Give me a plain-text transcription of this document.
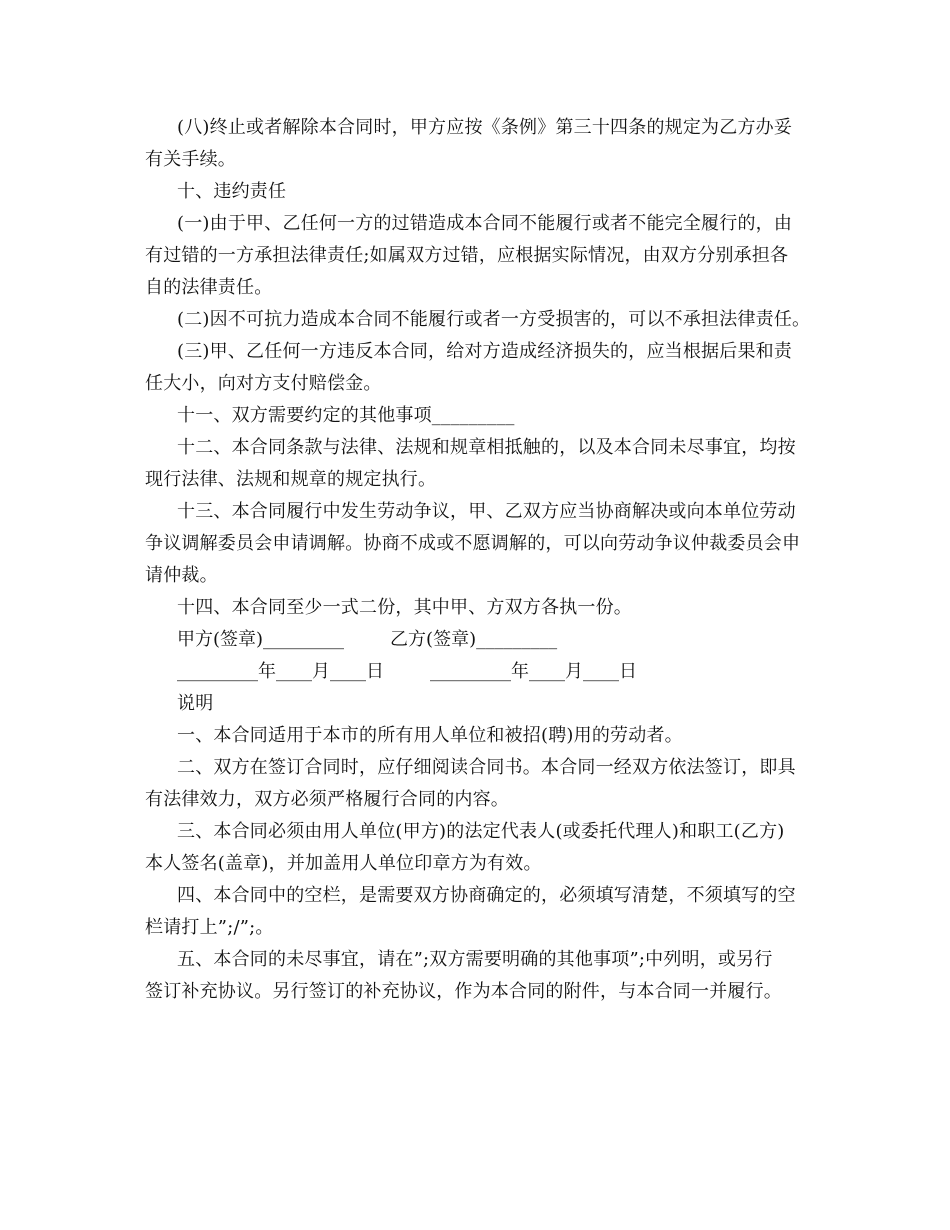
(八)终止或者解除本合同时，甲方应按《条例》第三十四条的规定为乙方办妥

有关手续。

十、违约责任

(一)由于甲、乙任何一方的过错造成本合同不能履行或者不能完全履行的，由

有过错的一方承担法律责任;如属双方过错，应根据实际情况，由双方分别承担各
自的法律责任。

(二)因不可抗力造成本合同不能履行或者一方受损害的，可以不承担法律责任。

(三)甲、乙任何一方违反本合同，给对方造成经济损失的，应当根据后果和责

任大小，向对方支付赔偿金。

十一、双方需要约定的其他事项_________

十二、本合同条款与法律、法规和规章相抵触的，以及本合同未尽事宜，均按

现行法律、法规和规章的规定执行。

十三、本合同履行中发生劳动争议，甲、乙双方应当协商解决或向本单位劳动

争议调解委员会申请调解。协商不成或不愿调解的，可以向劳动争议仲裁委员会申
请仲裁。

十四、本合同至少一式二份，其中甲、方双方各执一份。

甲方(签章)_________	乙方(签章)_________

_________年____月____日	_________年____月____日

说明

一、本合同适用于本市的所有用人单位和被招(聘)用的劳动者。

二、双方在签订合同时，应仔细阅读合同书。本合同一经双方依法签订，即具

有法律效力，双方必须严格履行合同的内容。

三、本合同必须由用人单位(甲方)的法定代表人(或委托代理人)和职工(乙方)

本人签名(盖章)，并加盖用人单位印章方为有效。

四、本合同中的空栏，是需要双方协商确定的，必须填写清楚，不须填写的空

栏请打上”;/”;。

五、本合同的未尽事宜，请在”;双方需要明确的其他事项”;中列明，或另行

签订补充协议。另行签订的补充协议，作为本合同的附件，与本合同一并履行。
